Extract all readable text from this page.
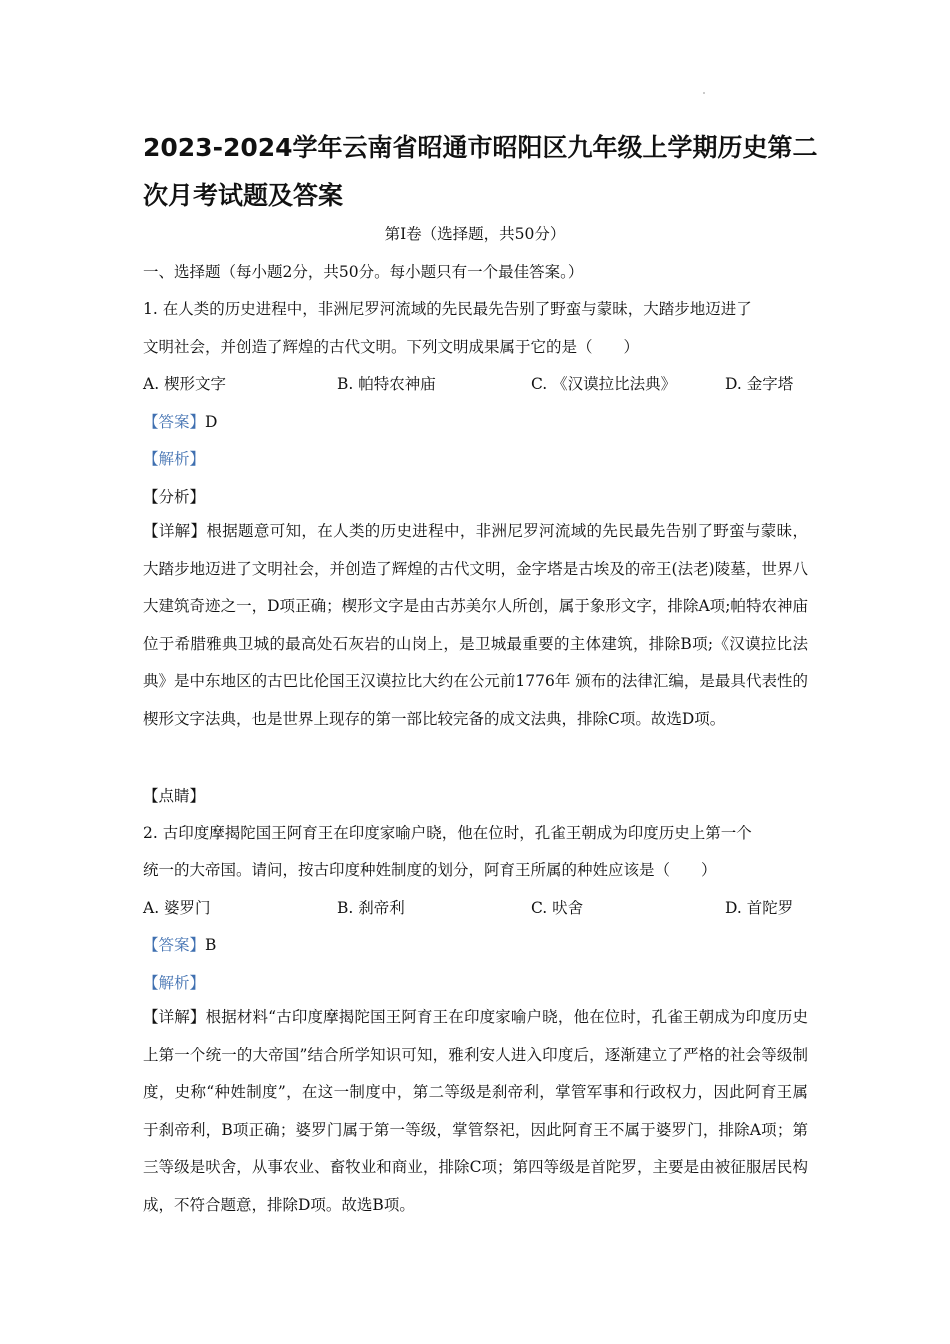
2023-2024学年云南省昭通市昭阳区九年级上学期历史第二次月考试题及答案
第Ⅰ卷（选择题，共50分）
一、选择题（每小题2分，共50分。每小题只有一个最佳答案。）
1. 在人类的历史进程中，非洲尼罗河流域的先民最先告别了野蛮与蒙昧，大踏步地迈进了
文明社会，并创造了辉煌的古代文明。下列文明成果属于它的是（　　）
A. 楔形文字	B. 帕特农神庙	C. 《汉谟拉比法典》	D. 金字塔
【答案】D
【解析】
【分析】

【详解】根据题意可知，在人类的历史进程中，非洲尼罗河流域的先民最先告别了野蛮与蒙昧，大踏步地迈进了文明社会，并创造了辉煌的古代文明，金字塔是古埃及的帝王(法老)陵墓，世界八大建筑奇迹之一，D项正确；楔形文字是由古苏美尔人所创，属于象形文字，排除A项;帕特农神庙位于希腊雅典卫城的最高处石灰岩的山岗上，是卫城最重要的主体建筑，排除B项;《汉谟拉比法典》是中东地区的古巴比伦国王汉谟拉比大约在公元前1776年 颁布的法律汇编，是最具代表性的楔形文字法典，也是世界上现存的第一部比较完备的成文法典，排除C项。故选D项。

【点睛】
2. 古印度摩揭陀国王阿育王在印度家喻户晓，他在位时，孔雀王朝成为印度历史上第一个
统一的大帝国。请问，按古印度种姓制度的划分，阿育王所属的种姓应该是（　　）
A. 婆罗门	B. 刹帝利	C. 吠舍	D. 首陀罗
【答案】B
【解析】

【详解】根据材料“古印度摩揭陀国王阿育王在印度家喻户晓，他在位时，孔雀王朝成为印度历史上第一个统一的大帝国”结合所学知识可知，雅利安人进入印度后，逐渐建立了严格的社会等级制度，史称“种姓制度”，在这一制度中，第二等级是刹帝利，掌管军事和行政权力，因此阿育王属于刹帝利，B项正确；婆罗门属于第一等级，掌管祭祀，因此阿育王不属于婆罗门，排除A项；第三等级是吠舍，从事农业、畜牧业和商业，排除C项；第四等级是首陀罗，主要是由被征服居民构成，不符合题意，排除D项。故选B项。
